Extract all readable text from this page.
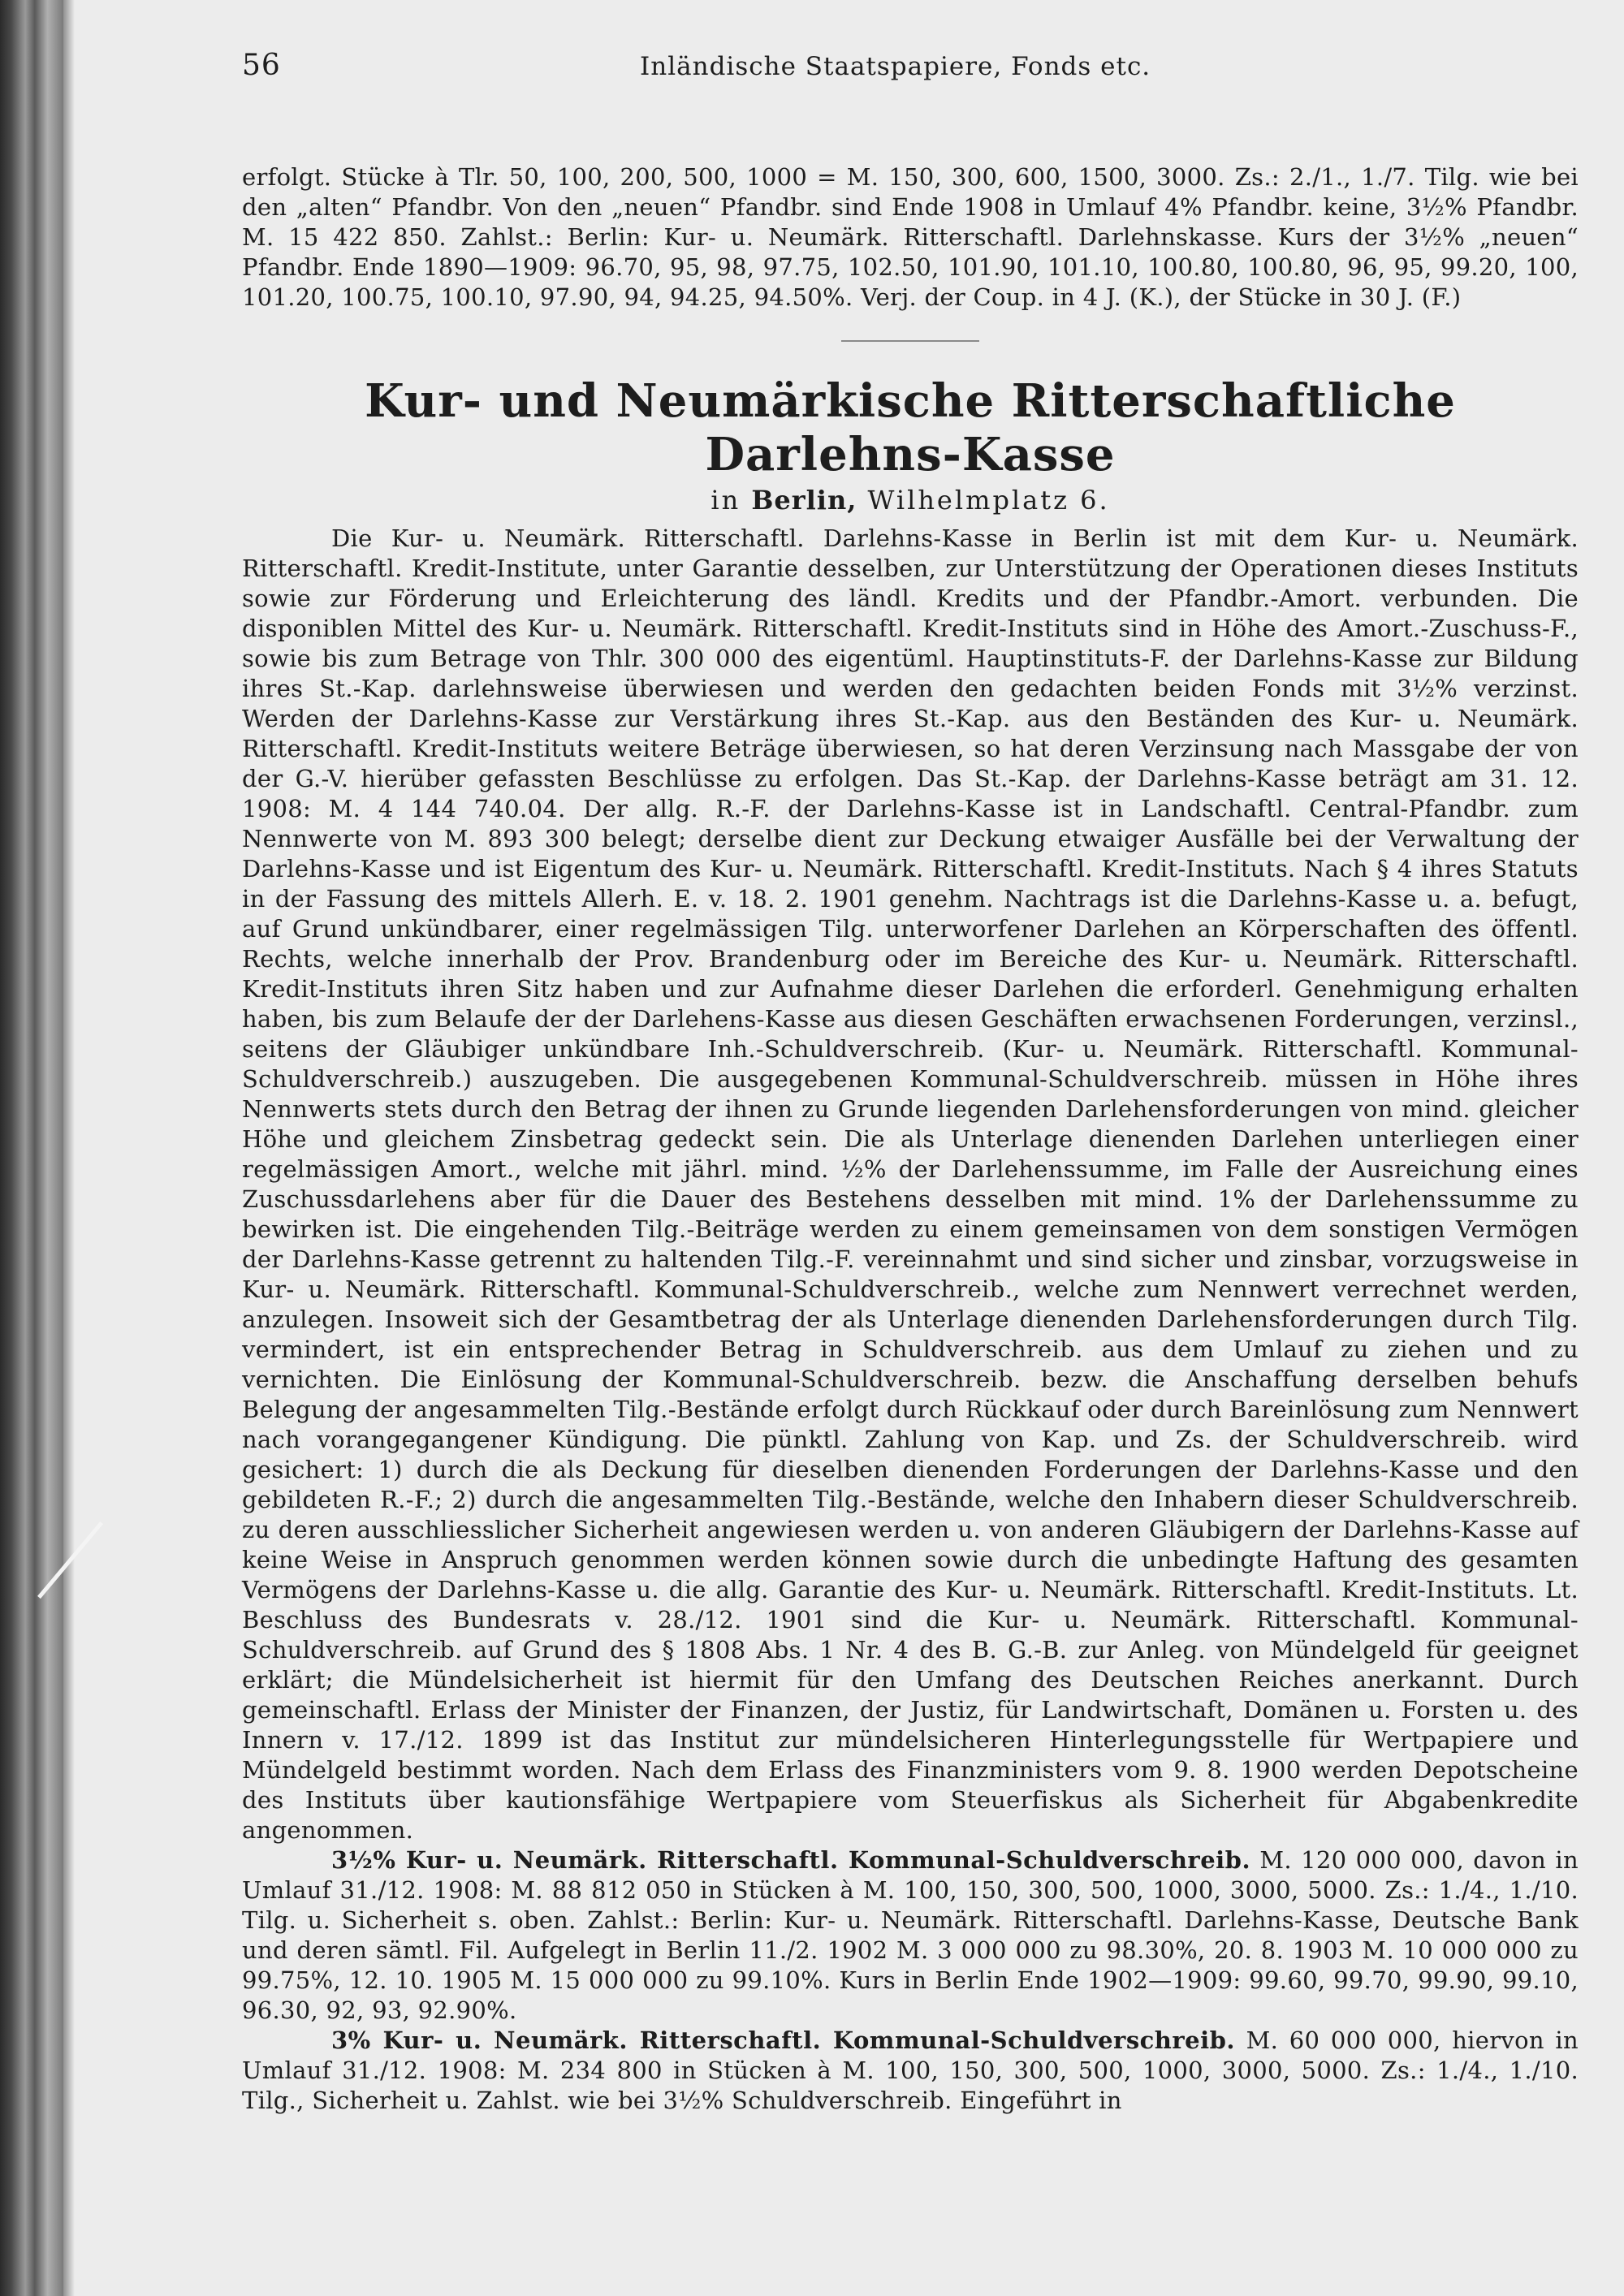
56	Inländische Staatspapiere, Fonds etc.

erfolgt. Stücke à Tlr. 50, 100, 200, 500, 1000 = M. 150, 300, 600, 1500, 3000. Zs.: 2./1., 1./7. Tilg. wie bei den „alten“ Pfandbr. Von den „neuen“ Pfandbr. sind Ende 1908 in Umlauf 4% Pfandbr. keine, 3½% Pfandbr. M. 15 422 850. Zahlst.: Berlin: Kur- u. Neumärk. Ritterschaftl. Darlehnskasse. Kurs der 3½% „neuen“ Pfandbr. Ende 1890—1909: 96.70, 95, 98, 97.75, 102.50, 101.90, 101.10, 100.80, 100.80, 96, 95, 99.20, 100, 101.20, 100.75, 100.10, 97.90, 94, 94.25, 94.50%. Verj. der Coup. in 4 J. (K.), der Stücke in 30 J. (F.)

Kur- und Neumärkische Ritterschaftliche Darlehns-Kasse
in Berlin, Wilhelmplatz 6.

Die Kur- u. Neumärk. Ritterschaftl. Darlehns-Kasse in Berlin ist mit dem Kur- u. Neumärk. Ritterschaftl. Kredit-Institute, unter Garantie desselben, zur Unterstützung der Operationen dieses Instituts sowie zur Förderung und Erleichterung des ländl. Kredits und der Pfandbr.-Amort. verbunden. Die disponiblen Mittel des Kur- u. Neumärk. Ritterschaftl. Kredit-Instituts sind in Höhe des Amort.-Zuschuss-F., sowie bis zum Betrage von Thlr. 300 000 des eigentüml. Hauptinstituts-F. der Darlehns-Kasse zur Bildung ihres St.-Kap. darlehnsweise überwiesen und werden den gedachten beiden Fonds mit 3½% verzinst. Werden der Darlehns-Kasse zur Verstärkung ihres St.-Kap. aus den Beständen des Kur- u. Neumärk. Ritterschaftl. Kredit-Instituts weitere Beträge überwiesen, so hat deren Verzinsung nach Massgabe der von der G.-V. hierüber gefassten Beschlüsse zu erfolgen. Das St.-Kap. der Darlehns-Kasse beträgt am 31. 12. 1908: M. 4 144 740.04. Der allg. R.-F. der Darlehns-Kasse ist in Landschaftl. Central-Pfandbr. zum Nennwerte von M. 893 300 belegt; derselbe dient zur Deckung etwaiger Ausfälle bei der Verwaltung der Darlehns-Kasse und ist Eigentum des Kur- u. Neumärk. Ritterschaftl. Kredit-Instituts. Nach § 4 ihres Statuts in der Fassung des mittels Allerh. E. v. 18. 2. 1901 genehm. Nachtrags ist die Darlehns-Kasse u. a. befugt, auf Grund unkündbarer, einer regelmässigen Tilg. unterworfener Darlehen an Körperschaften des öffentl. Rechts, welche innerhalb der Prov. Brandenburg oder im Bereiche des Kur- u. Neumärk. Ritterschaftl. Kredit-Instituts ihren Sitz haben und zur Aufnahme dieser Darlehen die erforderl. Genehmigung erhalten haben, bis zum Belaufe der der Darlehens-Kasse aus diesen Geschäften erwachsenen Forderungen, verzinsl., seitens der Gläubiger unkündbare Inh.-Schuldverschreib. (Kur- u. Neumärk. Ritterschaftl. Kommunal-Schuldverschreib.) auszugeben. Die ausgegebenen Kommunal-Schuldverschreib. müssen in Höhe ihres Nennwerts stets durch den Betrag der ihnen zu Grunde liegenden Darlehensforderungen von mind. gleicher Höhe und gleichem Zinsbetrag gedeckt sein. Die als Unterlage dienenden Darlehen unterliegen einer regelmässigen Amort., welche mit jährl. mind. ½% der Darlehenssumme, im Falle der Ausreichung eines Zuschussdarlehens aber für die Dauer des Bestehens desselben mit mind. 1% der Darlehenssumme zu bewirken ist. Die eingehenden Tilg.-Beiträge werden zu einem gemeinsamen von dem sonstigen Vermögen der Darlehns-Kasse getrennt zu haltenden Tilg.-F. vereinnahmt und sind sicher und zinsbar, vorzugsweise in Kur- u. Neumärk. Ritterschaftl. Kommunal-Schuldverschreib., welche zum Nennwert verrechnet werden, anzulegen. Insoweit sich der Gesamtbetrag der als Unterlage dienenden Darlehensforderungen durch Tilg. vermindert, ist ein entsprechender Betrag in Schuldverschreib. aus dem Umlauf zu ziehen und zu vernichten. Die Einlösung der Kommunal-Schuldverschreib. bezw. die Anschaffung derselben behufs Belegung der angesammelten Tilg.-Bestände erfolgt durch Rückkauf oder durch Bareinlösung zum Nennwert nach vorangegangener Kündigung. Die pünktl. Zahlung von Kap. und Zs. der Schuldverschreib. wird gesichert: 1) durch die als Deckung für dieselben dienenden Forderungen der Darlehns-Kasse und den gebildeten R.-F.; 2) durch die angesammelten Tilg.-Bestände, welche den Inhabern dieser Schuldverschreib. zu deren ausschliesslicher Sicherheit angewiesen werden u. von anderen Gläubigern der Darlehns-Kasse auf keine Weise in Anspruch genommen werden können sowie durch die unbedingte Haftung des gesamten Vermögens der Darlehns-Kasse u. die allg. Garantie des Kur- u. Neumärk. Ritterschaftl. Kredit-Instituts. Lt. Beschluss des Bundesrats v. 28./12. 1901 sind die Kur- u. Neumärk. Ritterschaftl. Kommunal-Schuldverschreib. auf Grund des § 1808 Abs. 1 Nr. 4 des B. G.-B. zur Anleg. von Mündelgeld für geeignet erklärt; die Mündelsicherheit ist hiermit für den Umfang des Deutschen Reiches anerkannt. Durch gemeinschaftl. Erlass der Minister der Finanzen, der Justiz, für Landwirtschaft, Domänen u. Forsten u. des Innern v. 17./12. 1899 ist das Institut zur mündelsicheren Hinterlegungsstelle für Wertpapiere und Mündelgeld bestimmt worden. Nach dem Erlass des Finanzministers vom 9. 8. 1900 werden Depotscheine des Instituts über kautionsfähige Wertpapiere vom Steuerfiskus als Sicherheit für Abgabenkredite angenommen.

3½% Kur- u. Neumärk. Ritterschaftl. Kommunal-Schuldverschreib. M. 120 000 000, davon in Umlauf 31./12. 1908: M. 88 812 050 in Stücken à M. 100, 150, 300, 500, 1000, 3000, 5000. Zs.: 1./4., 1./10. Tilg. u. Sicherheit s. oben. Zahlst.: Berlin: Kur- u. Neumärk. Ritterschaftl. Darlehns-Kasse, Deutsche Bank und deren sämtl. Fil. Aufgelegt in Berlin 11./2. 1902 M. 3 000 000 zu 98.30%, 20. 8. 1903 M. 10 000 000 zu 99.75%, 12. 10. 1905 M. 15 000 000 zu 99.10%. Kurs in Berlin Ende 1902—1909: 99.60, 99.70, 99.90, 99.10, 96.30, 92, 93, 92.90%.

3% Kur- u. Neumärk. Ritterschaftl. Kommunal-Schuldverschreib. M. 60 000 000, hiervon in Umlauf 31./12. 1908: M. 234 800 in Stücken à M. 100, 150, 300, 500, 1000, 3000, 5000. Zs.: 1./4., 1./10. Tilg., Sicherheit u. Zahlst. wie bei 3½% Schuldverschreib. Eingeführt in
